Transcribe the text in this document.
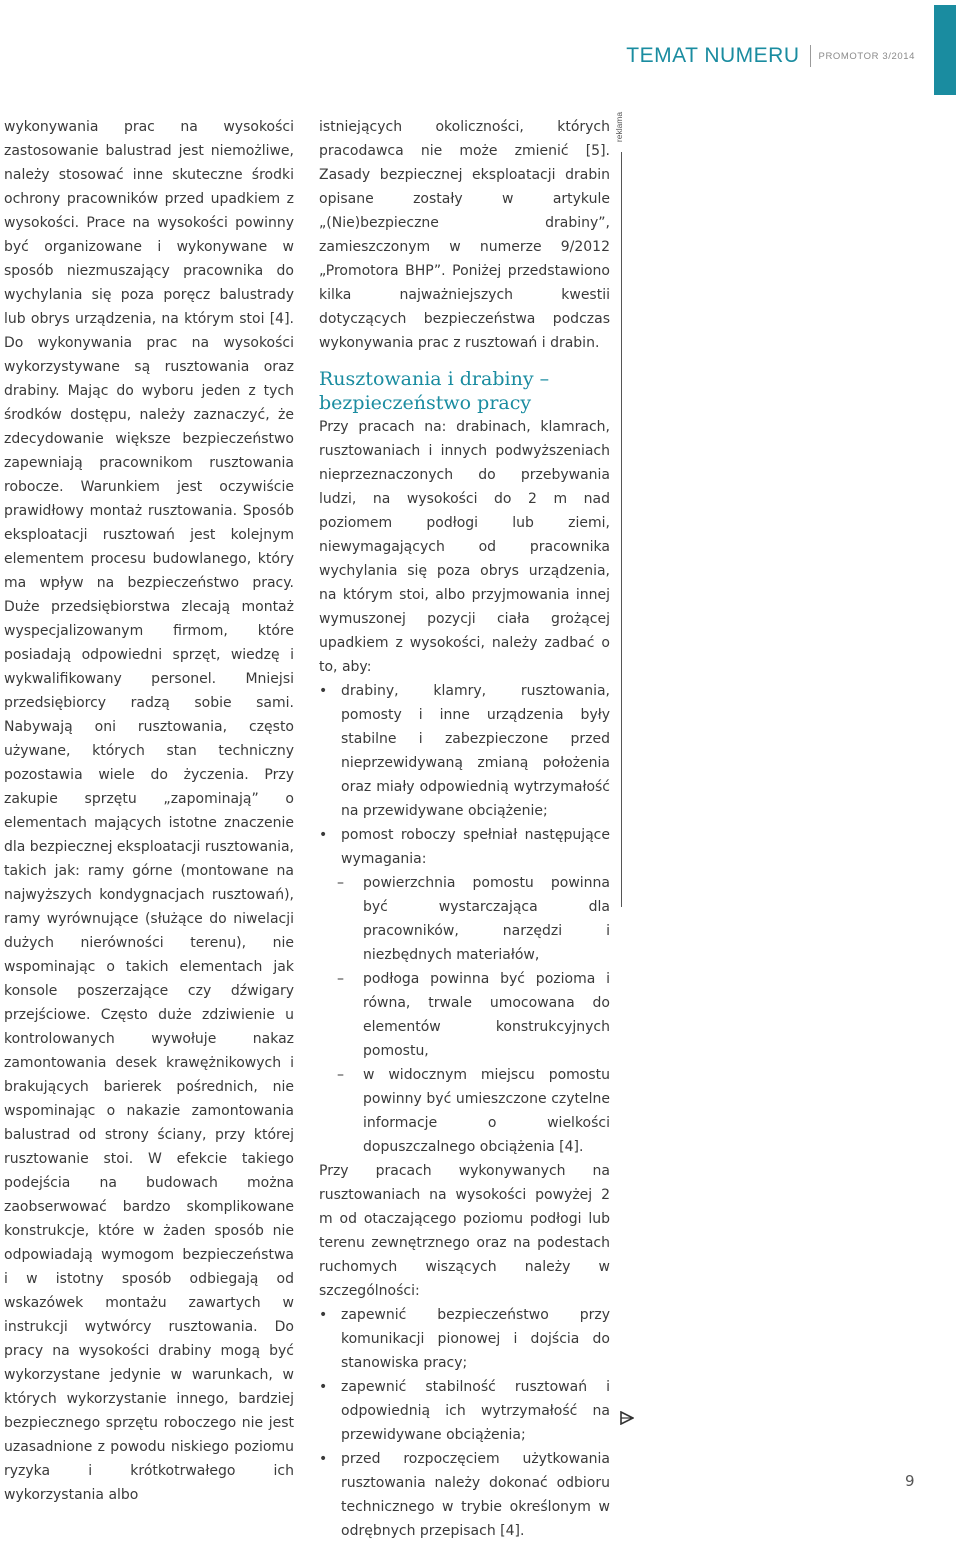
TEMAT NUMERU PROMOTOR 3/2014

wykonywania prac na wysokości zastosowanie balustrad jest niemożliwe, należy stosować inne skuteczne środki ochrony pracowników przed upadkiem z wysokości. Prace na wysokości powinny być organizowane i wykonywane w sposób niezmuszający pracownika do wychylania się poza poręcz balustrady lub obrys urządzenia, na którym stoi [4]. Do wykonywania prac na wysokości wykorzystywane są rusztowania oraz drabiny. Mając do wyboru jeden z tych środków dostępu, należy zaznaczyć, że zdecydowanie większe bezpieczeństwo zapewniają pracownikom rusztowania robocze. Warunkiem jest oczywiście prawidłowy montaż rusztowania. Sposób eksploatacji rusztowań jest kolejnym elementem procesu budowlanego, który ma wpływ na bezpieczeństwo pracy. Duże przedsiębiorstwa zlecają montaż wyspecjalizowanym firmom, które posiadają odpowiedni sprzęt, wiedzę i wykwalifikowany personel. Mniejsi przedsiębiorcy radzą sobie sami. Nabywają oni rusztowania, często używane, których stan techniczny pozostawia wiele do życzenia. Przy zakupie sprzętu „zapominają” o elementach mających istotne znaczenie dla bezpiecznej eksploatacji rusztowania, takich jak: ramy górne (montowane na najwyższych kondygnacjach rusztowań), ramy wyrównujące (służące do niwelacji dużych nierówności terenu), nie wspominając o takich elementach jak konsole poszerzające czy dźwigary przejściowe. Często duże zdziwienie u kontrolowanych wywołuje nakaz zamontowania desek krawężnikowych i brakujących barierek pośrednich, nie wspominając o nakazie zamontowania balustrad od strony ściany, przy której rusztowanie stoi. W efekcie takiego podejścia na budowach można zaobserwować bardzo skomplikowane konstrukcje, które w żaden sposób nie odpowiadają wymogom bezpieczeństwa i w istotny sposób odbiegają od wskazówek montażu zawartych w instrukcji wytwórcy rusztowania. Do pracy na wysokości drabiny mogą być wykorzystane jedynie w warunkach, w których wykorzystanie innego, bardziej bezpiecznego sprzętu roboczego nie jest uzasadnione z powodu niskiego poziomu ryzyka i krótkotrwałego ich wykorzystania albo

istniejących okoliczności, których pracodawca nie może zmienić [5]. Zasady bezpiecznej eksploatacji drabin opisane zostały w artykule „(Nie)bezpieczne drabiny”, zamieszczonym w numerze 9/2012 „Promotora BHP”. Poniżej przedstawiono kilka najważniejszych kwestii dotyczących bezpieczeństwa podczas wykonywania prac z rusztowań i drabin.

Rusztowania i drabiny – bezpieczeństwo pracy

Przy pracach na: drabinach, klamrach, rusztowaniach i innych podwyższeniach nieprzeznaczonych do przebywania ludzi, na wysokości do 2 m nad poziomem podłogi lub ziemi, niewymagających od pracownika wychylania się poza obrys urządzenia, na którym stoi, albo przyjmowania innej wymuszonej pozycji ciała grożącej upadkiem z wysokości, należy zadbać o to, aby:

• drabiny, klamry, rusztowania, pomosty i inne urządzenia były stabilne i zabezpieczone przed nieprzewidywaną zmianą położenia oraz miały odpowiednią wytrzymałość na przewidywane obciążenie;
• pomost roboczy spełniał następujące wymagania:
– powierzchnia pomostu powinna być wystarczająca dla pracowników, narzędzi i niezbędnych materiałów,
– podłoga powinna być pozioma i równa, trwale umocowana do elementów konstrukcyjnych pomostu,
– w widocznym miejscu pomostu powinny być umieszczone czytelne informacje o wielkości dopuszczalnego obciążenia [4].

Przy pracach wykonywanych na rusztowaniach na wysokości powyżej 2 m od otaczającego poziomu podłogi lub terenu zewnętrznego oraz na podestach ruchomych wiszących należy w szczególności:

• zapewnić bezpieczeństwo przy komunikacji pionowej i dojścia do stanowiska pracy;
• zapewnić stabilność rusztowań i odpowiednią ich wytrzymałość na przewidywane obciążenia;
• przed rozpoczęciem użytkowania rusztowania należy dokonać odbioru technicznego w trybie określonym w odrębnych przepisach [4].
reklama
9
